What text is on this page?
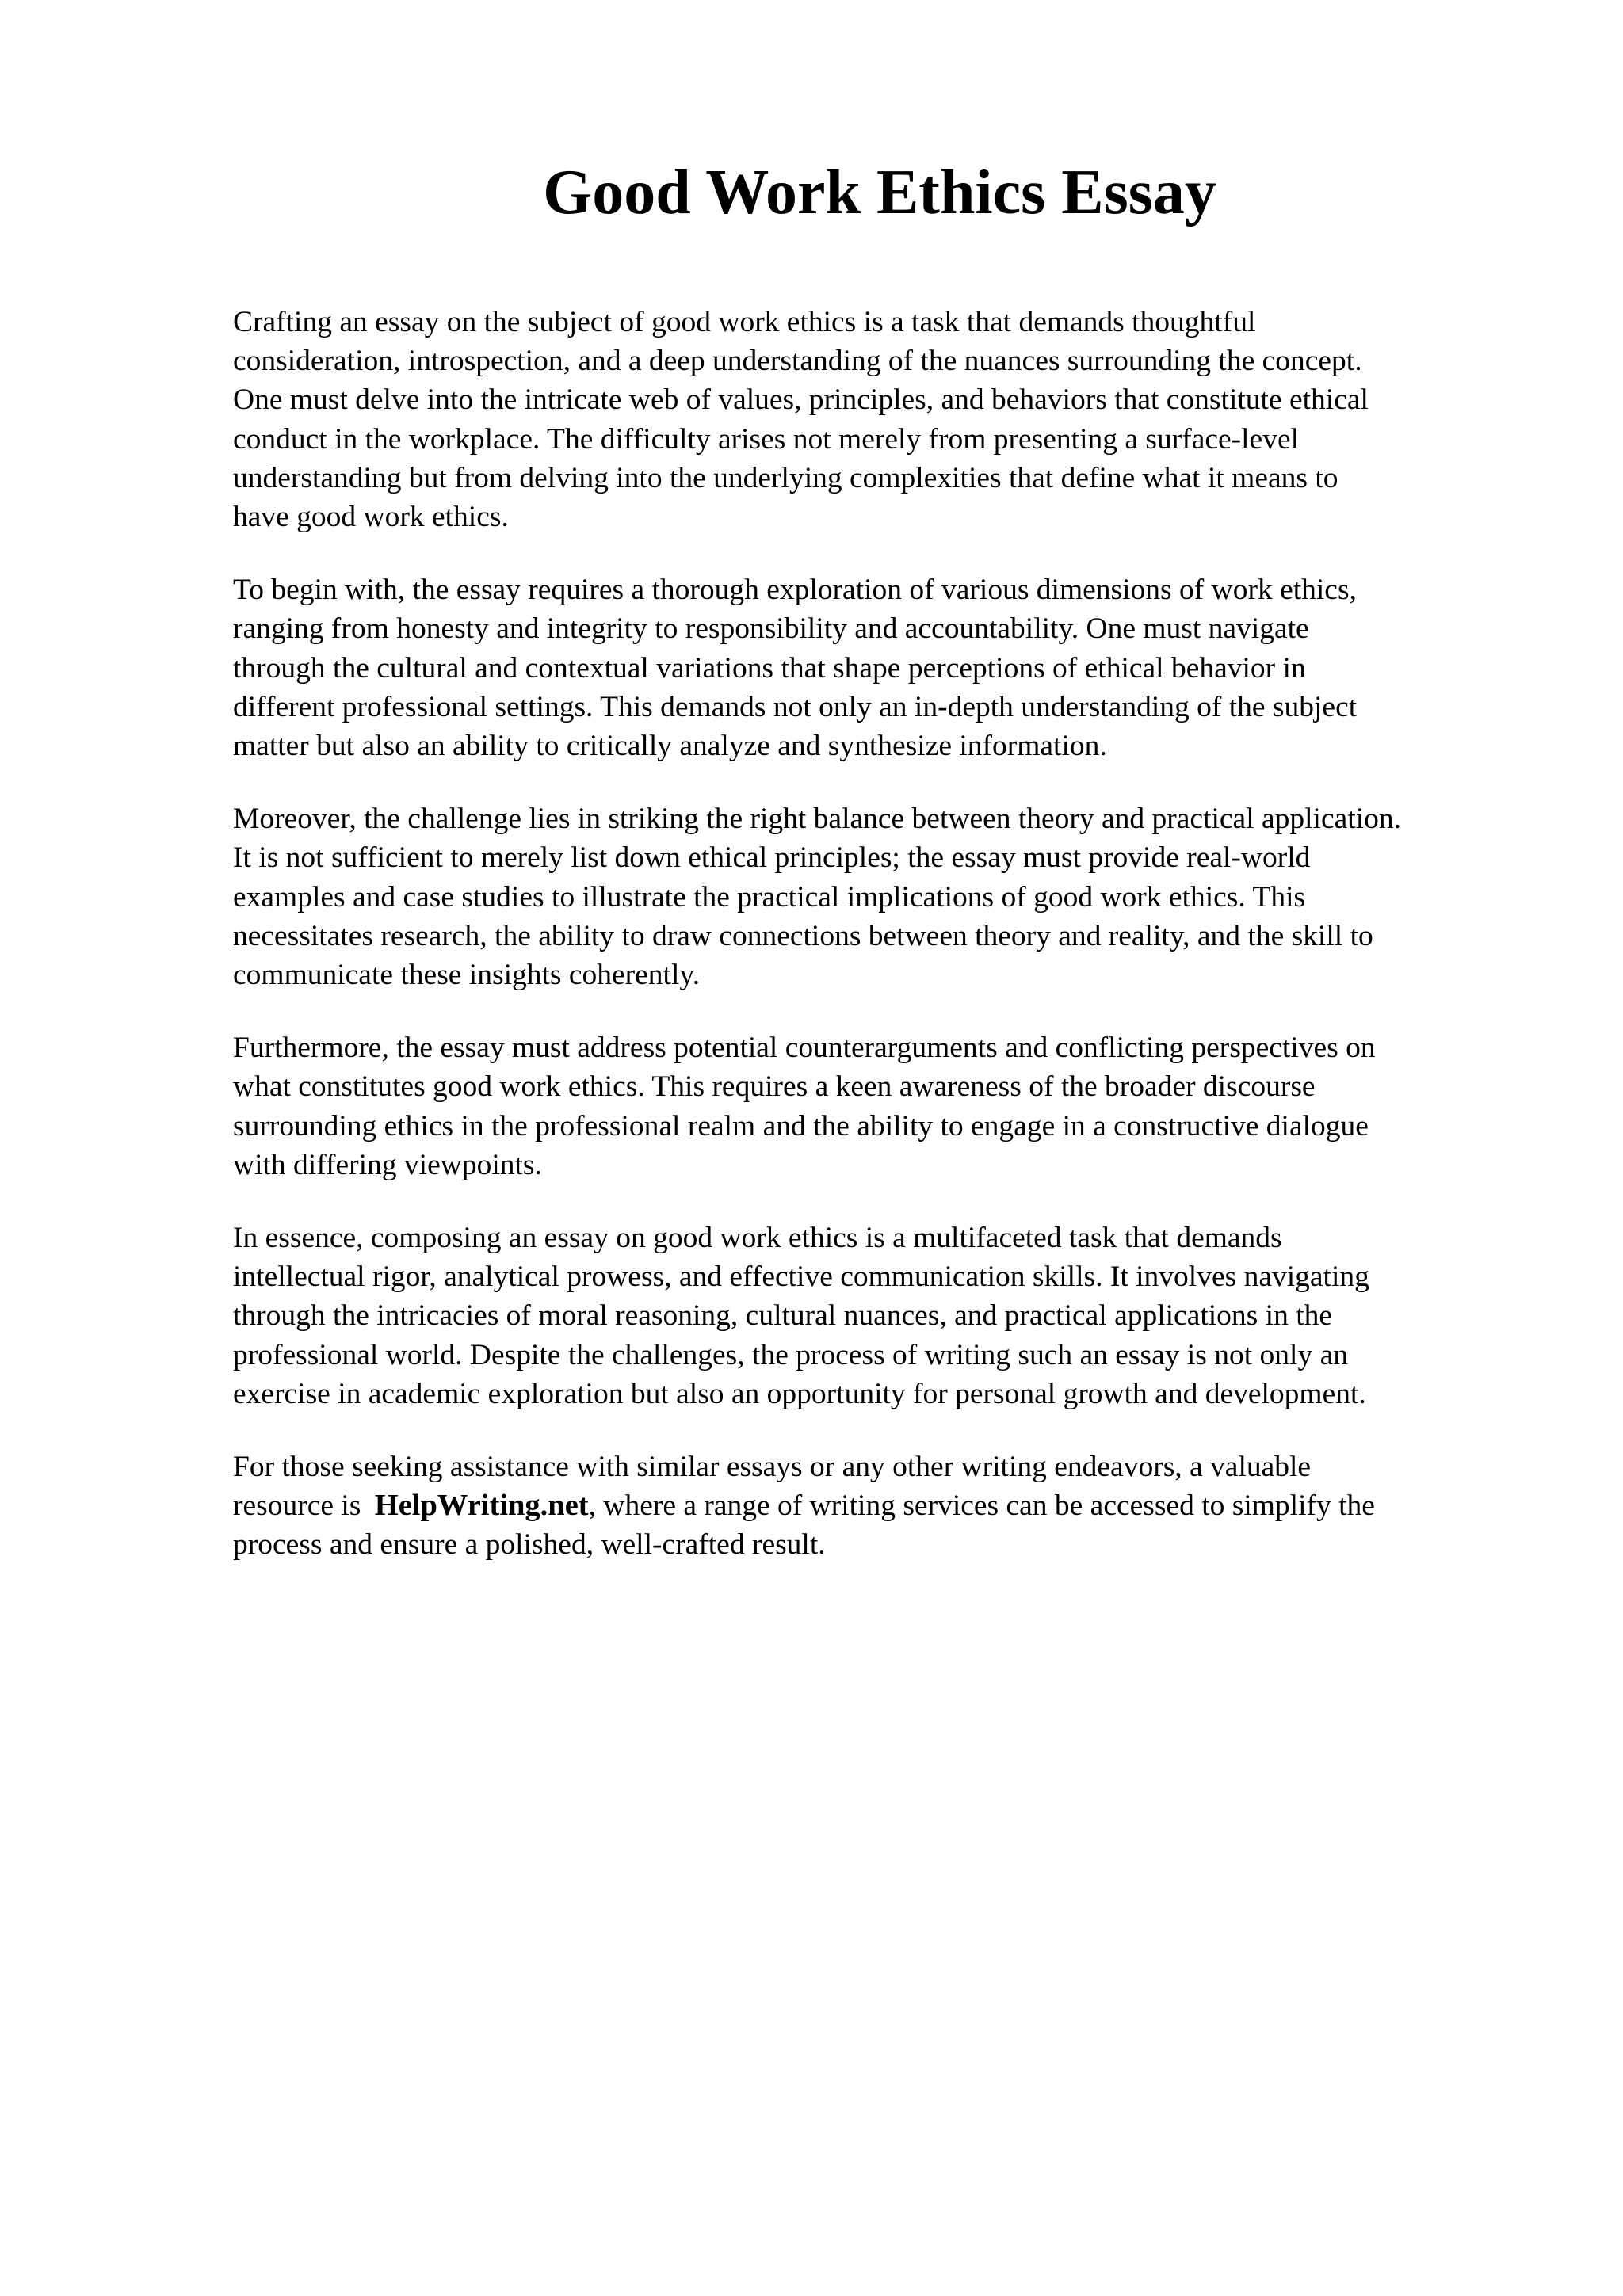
Good Work Ethics Essay

Crafting an essay on the subject of good work ethics is a task that demands thoughtful
consideration, introspection, and a deep understanding of the nuances surrounding the concept.
One must delve into the intricate web of values, principles, and behaviors that constitute ethical
conduct in the workplace. The difficulty arises not merely from presenting a surface-level
understanding but from delving into the underlying complexities that define what it means to
have good work ethics.

To begin with, the essay requires a thorough exploration of various dimensions of work ethics,
ranging from honesty and integrity to responsibility and accountability. One must navigate
through the cultural and contextual variations that shape perceptions of ethical behavior in
different professional settings. This demands not only an in-depth understanding of the subject
matter but also an ability to critically analyze and synthesize information.

Moreover, the challenge lies in striking the right balance between theory and practical application.
It is not sufficient to merely list down ethical principles; the essay must provide real-world
examples and case studies to illustrate the practical implications of good work ethics. This
necessitates research, the ability to draw connections between theory and reality, and the skill to
communicate these insights coherently.

Furthermore, the essay must address potential counterarguments and conflicting perspectives on
what constitutes good work ethics. This requires a keen awareness of the broader discourse
surrounding ethics in the professional realm and the ability to engage in a constructive dialogue
with differing viewpoints.

In essence, composing an essay on good work ethics is a multifaceted task that demands
intellectual rigor, analytical prowess, and effective communication skills. It involves navigating
through the intricacies of moral reasoning, cultural nuances, and practical applications in the
professional world. Despite the challenges, the process of writing such an essay is not only an
exercise in academic exploration but also an opportunity for personal growth and development.

For those seeking assistance with similar essays or any other writing endeavors, a valuable
resource is HelpWriting.net, where a range of writing services can be accessed to simplify the
process and ensure a polished, well-crafted result.
